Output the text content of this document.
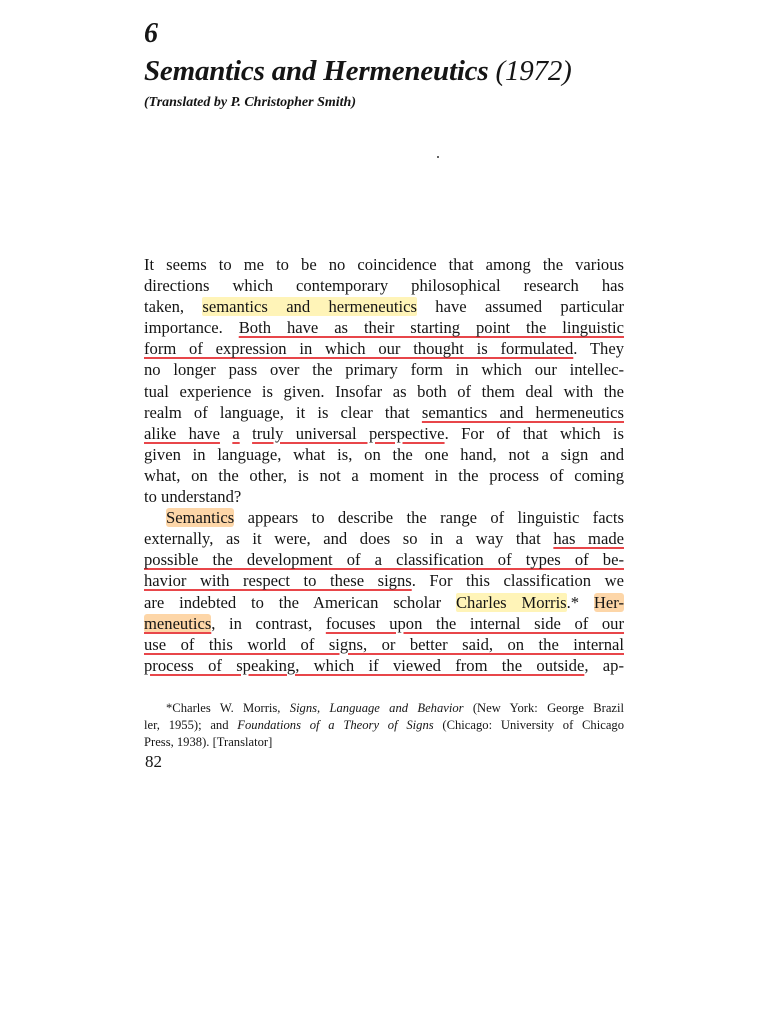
6
Semantics and Hermeneutics (1972)

(Translated by P. Christopher Smith)

It seems to me to be no coincidence that among the various
directions which contemporary philosophical research has
taken, semantics and hermeneutics have assumed particular
importance. Both have as their starting point the linguistic
form of expression in which our thought is formulated. They
no longer pass over the primary form in which our intellec-
tual experience is given. Insofar as both of them deal with the
realm of language, it is clear that semantics and hermeneutics
alike have a truly universal perspective. For of that which is
given in language, what is, on the one hand, not a sign and
what, on the other, is not a moment in the process of coming
to understand?
Semantics appears to describe the range of linguistic facts
externally, as it were, and does so in a way that has made
possible the development of a classification of types of be-
havior with respect to these signs. For this classification we
are indebted to the American scholar Charles Morris.* Her-
meneutics, in contrast, focuses upon the internal side of our
use of this world of signs, or better said, on the internal
process of speaking, which if viewed from the outside, ap-
*Charles W. Morris, Signs, Language and Behavior (New York: George Brazil
ler, 1955); and Foundations of a Theory of Signs (Chicago: University of Chicago
Press, 1938). [Translator]

82
